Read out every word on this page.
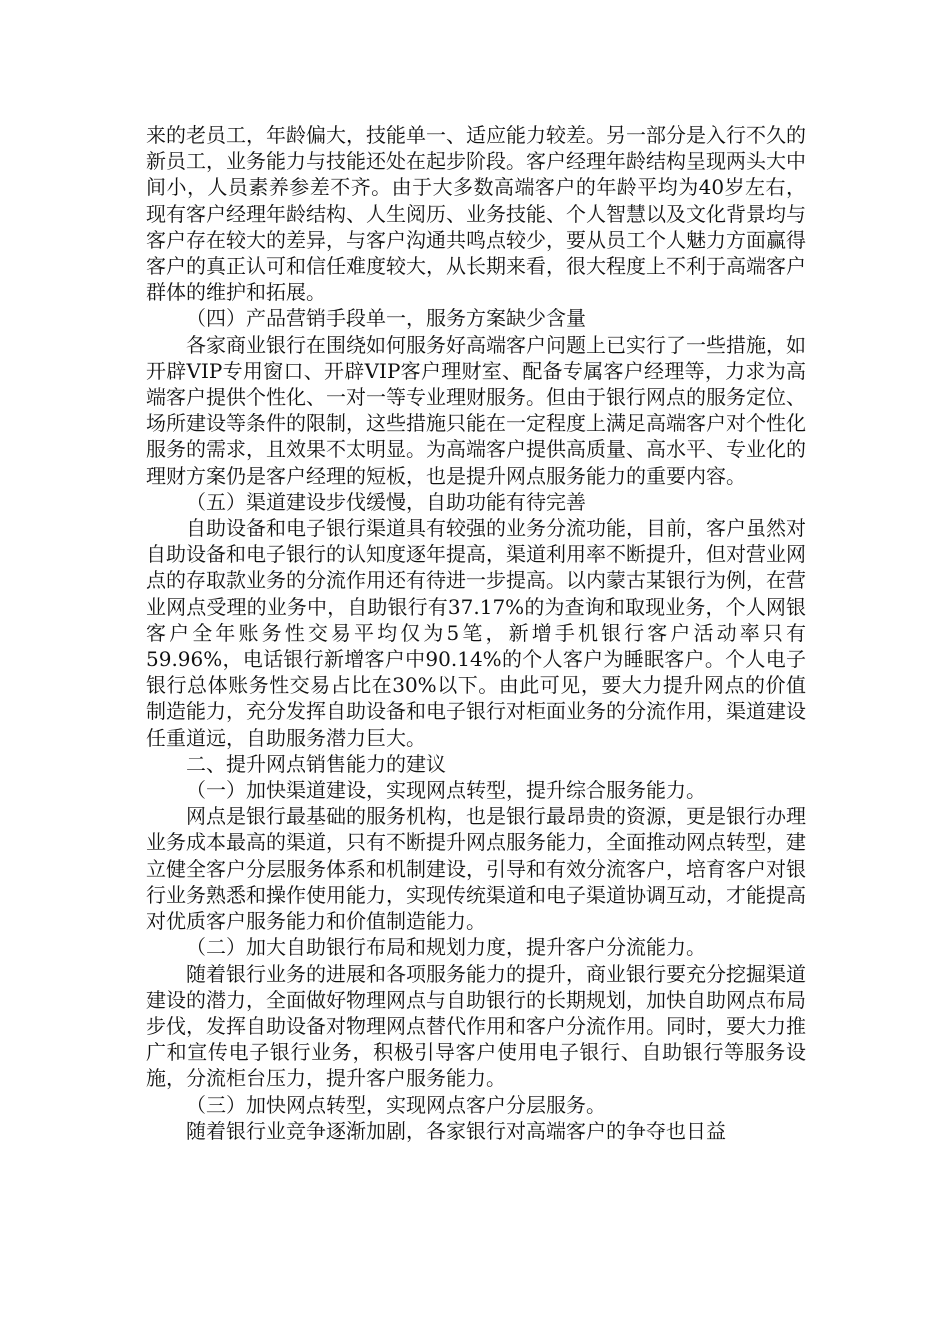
来的老员工，年龄偏大，技能单一、适应能力较差。另一部分是入行不久的新员工，业务能力与技能还处在起步阶段。客户经理年龄结构呈现两头大中间小，人员素养参差不齐。由于大多数高端客户的年龄平均为40岁左右，现有客户经理年龄结构、人生阅历、业务技能、个人智慧以及文化背景均与客户存在较大的差异，与客户沟通共鸣点较少，要从员工个人魅力方面赢得客户的真正认可和信任难度较大，从长期来看，很大程度上不利于高端客户群体的维护和拓展。

（四）产品营销手段单一，服务方案缺少含量

各家商业银行在围绕如何服务好高端客户问题上已实行了一些措施，如开辟VIP专用窗口、开辟VIP客户理财室、配备专属客户经理等，力求为高端客户提供个性化、一对一等专业理财服务。但由于银行网点的服务定位、场所建设等条件的限制，这些措施只能在一定程度上满足高端客户对个性化服务的需求，且效果不太明显。为高端客户提供高质量、高水平、专业化的理财方案仍是客户经理的短板，也是提升网点服务能力的重要内容。

（五）渠道建设步伐缓慢，自助功能有待完善

自助设备和电子银行渠道具有较强的业务分流功能，目前，客户虽然对自助设备和电子银行的认知度逐年提高，渠道利用率不断提升，但对营业网点的存取款业务的分流作用还有待进一步提高。以内蒙古某银行为例，在营业网点受理的业务中，自助银行有37.17%的为查询和取现业务，个人网银客户全年账务性交易平均仅为5笔，新增手机银行客户活动率只有59.96%，电话银行新增客户中90.14%的个人客户为睡眠客户。个人电子银行总体账务性交易占比在30%以下。由此可见，要大力提升网点的价值制造能力，充分发挥自助设备和电子银行对柜面业务的分流作用，渠道建设任重道远，自助服务潜力巨大。

二、提升网点销售能力的建议

（一）加快渠道建设，实现网点转型，提升综合服务能力。

网点是银行最基础的服务机构，也是银行最昂贵的资源，更是银行办理业务成本最高的渠道，只有不断提升网点服务能力，全面推动网点转型，建立健全客户分层服务体系和机制建设，引导和有效分流客户，培育客户对银行业务熟悉和操作使用能力，实现传统渠道和电子渠道协调互动，才能提高对优质客户服务能力和价值制造能力。

（二）加大自助银行布局和规划力度，提升客户分流能力。

随着银行业务的进展和各项服务能力的提升，商业银行要充分挖掘渠道建设的潜力，全面做好物理网点与自助银行的长期规划，加快自助网点布局步伐，发挥自助设备对物理网点替代作用和客户分流作用。同时，要大力推广和宣传电子银行业务，积极引导客户使用电子银行、自助银行等服务设施，分流柜台压力，提升客户服务能力。

（三）加快网点转型，实现网点客户分层服务。

随着银行业竞争逐渐加剧，各家银行对高端客户的争夺也日益
